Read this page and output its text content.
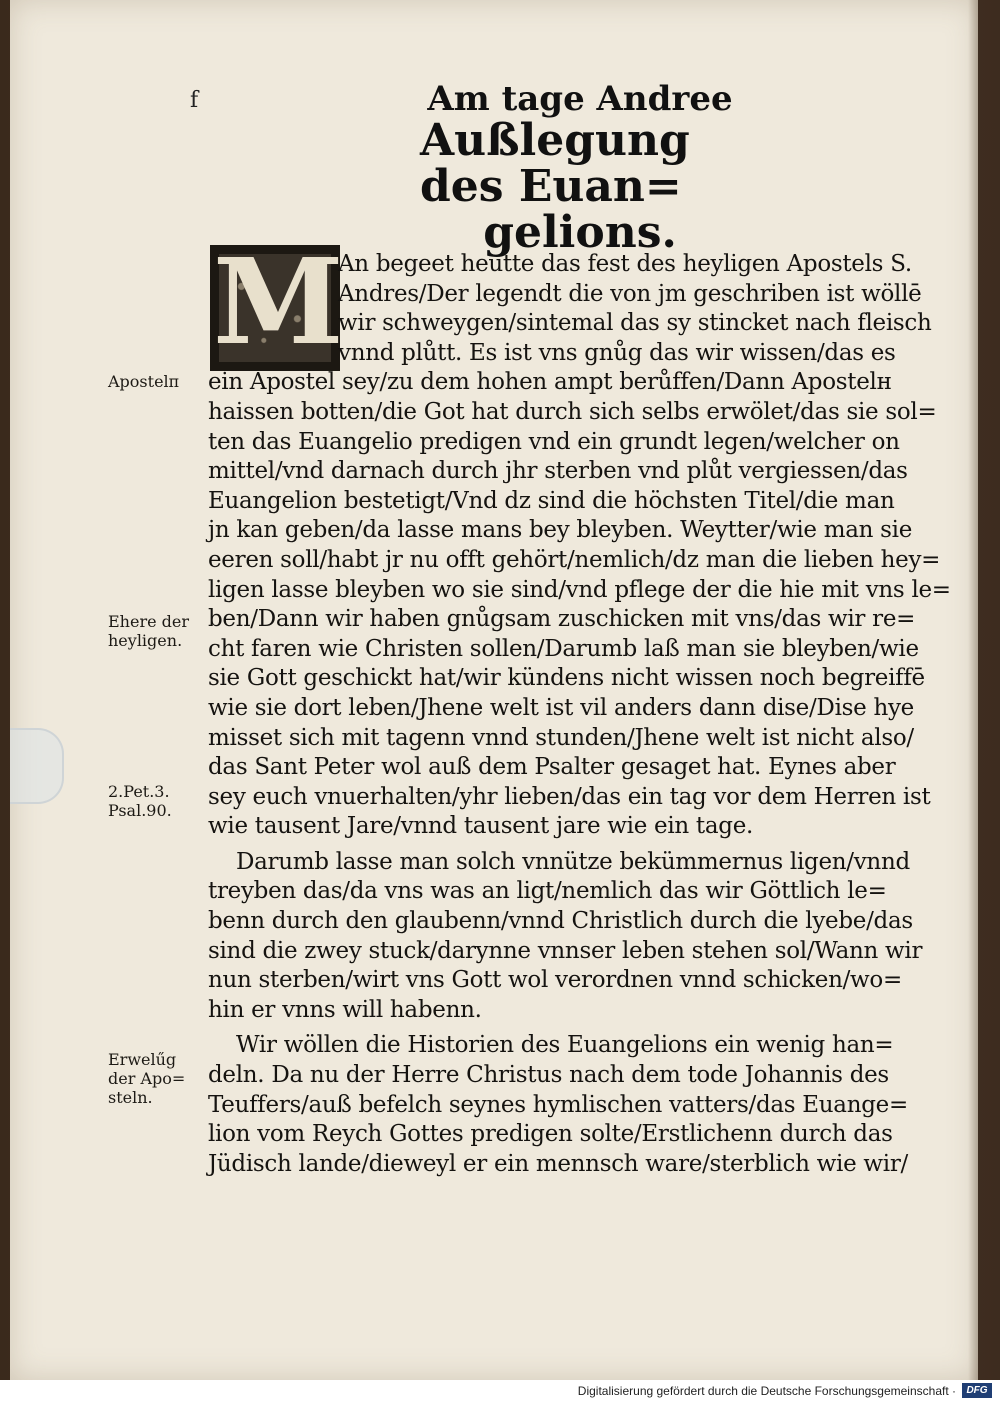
f	Am tage Andree
Außlegung des Euan=
gelions.
M
An begeet heutte das fest des heyligen Apostels S.
Andres/Der legendt die von jm geschriben ist wöllē
wir schweygen/sintemal das sy stincket nach fleisch
vnnd plůtt. Es ist vns gnůg das wir wissen/das es
ein Apostel sey/zu dem hohen ampt berůffen/Dann Apostelн
haissen botten/die Got hat durch sich selbs erwölet/das sie sol=
ten das Euangelio predigen vnd ein grundt legen/welcher on
mittel/vnd darnach durch jhr sterben vnd plůt vergiessen/das
Euangelion bestetigt/Vnd dz sind die höchsten Titel/die man
jn kan geben/da lasse mans bey bleyben. Weytter/wie man sie
eeren soll/habt jr nu offt gehört/nemlich/dz man die lieben hey=
ligen lasse bleyben wo sie sind/vnd pflege der die hie mit vns le=
ben/Dann wir haben gnůgsam zuschicken mit vns/das wir re=
cht faren wie Christen sollen/Darumb laß man sie bleyben/wie
sie Gott geschickt hat/wir kündens nicht wissen noch begreiffē
wie sie dort leben/Jhene welt ist vil anders dann dise/Dise hye
misset sich mit tagenn vnnd stunden/Jhene welt ist nicht also/
das Sant Peter wol auß dem Psalter gesaget hat. Eynes aber
sey euch vnuerhalten/yhr lieben/das ein tag vor dem Herren ist
wie tausent Jare/vnnd tausent jare wie ein tage.
Darumb lasse man solch vnnütze bekümmernus ligen/vnnd
treyben das/da vns was an ligt/nemlich das wir Göttlich le=
benn durch den glaubenn/vnnd Christlich durch die lyebe/das
sind die zwey stuck/darynne vnnser leben stehen sol/Wann wir
nun sterben/wirt vns Gott wol verordnen vnnd schicken/wo=
hin er vnns will habenn.
Wir wöllen die Historien des Euangelions ein wenig han=
deln. Da nu der Herre Christus nach dem tode Johannis des
Teuffers/auß befelch seynes hymlischen vatters/das Euange=
lion vom Reych Gottes predigen solte/Erstlichenn durch das
Jüdisch lande/dieweyl er ein mennsch ware/sterblich wie wir/
Apostelп
Ehere der
heyligen.
2.Pet.3.
Psal.90.
Erwelűg
der Apo=
steln.
Digitalisierung gefördert durch die Deutsche Forschungsgemeinschaft ·	DFG
